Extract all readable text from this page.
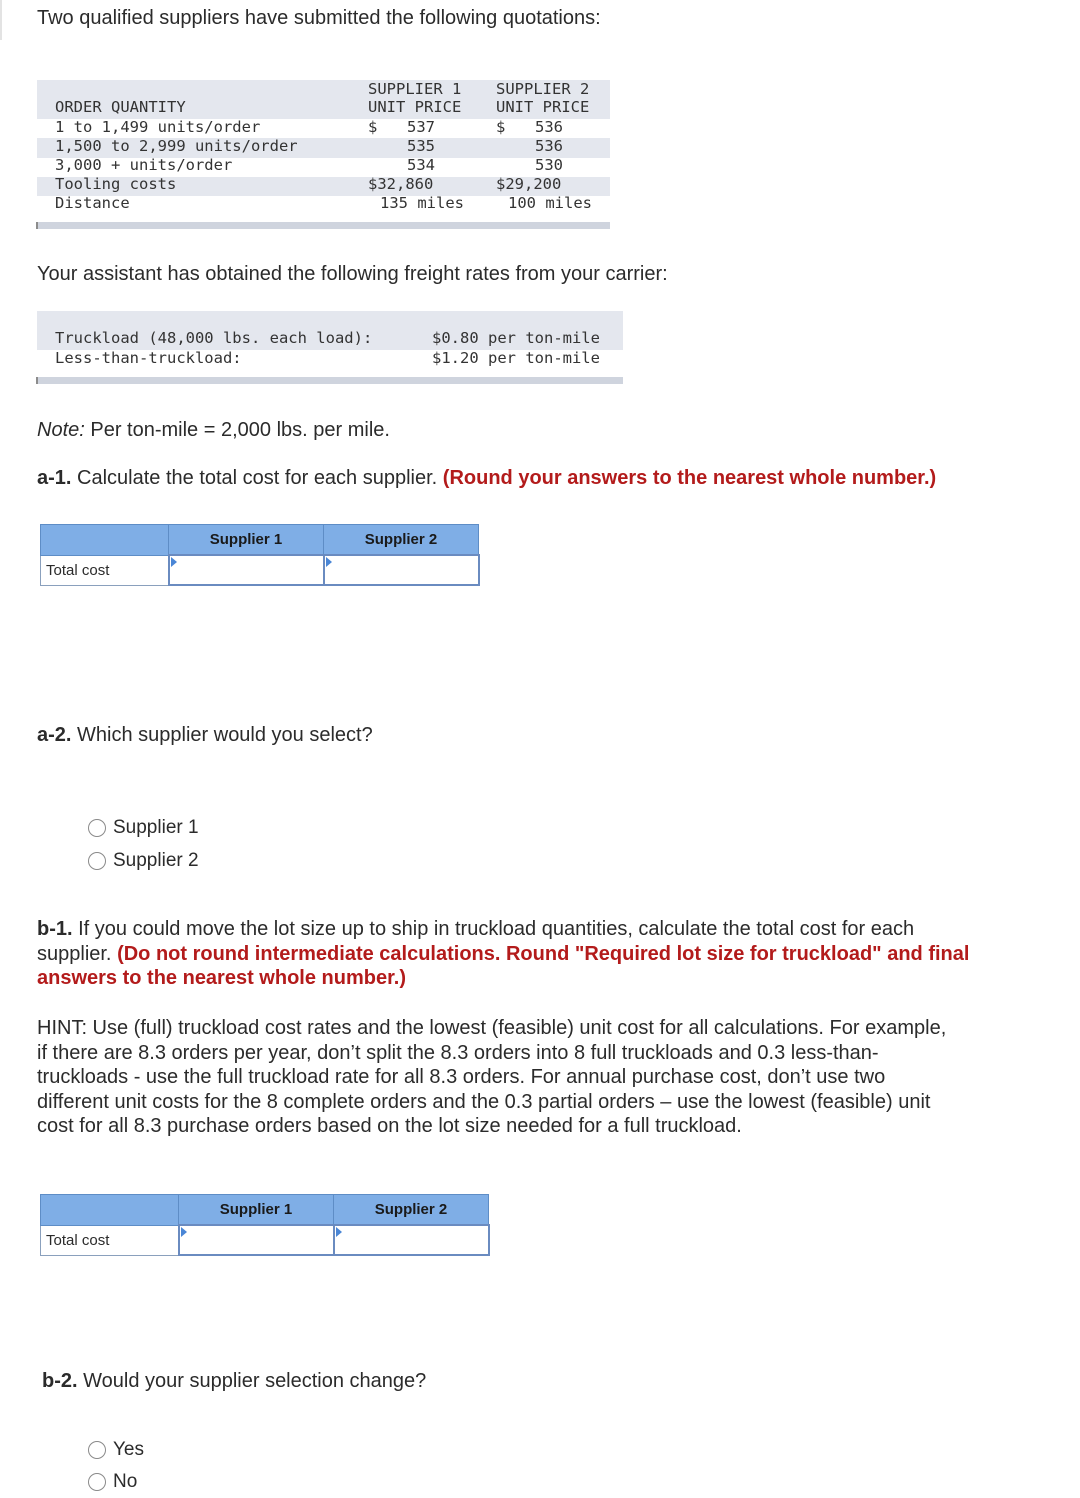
Two qualified suppliers have submitted the following quotations:
SUPPLIER 1 SUPPLIER 2
ORDER QUANTITY	UNIT PRICE UNIT PRICE
1 to 1,499 units/order	$ 537	$ 536
1,500 to 2,999 units/order	535	536
3,000 + units/order	534	530
Tooling costs	$32,860	$29,200
Distance	135 miles	100 miles
Your assistant has obtained the following freight rates from your carrier:
Truckload (48,000 lbs. each load):	$0.80 per ton-mile
Less-than-truckload:	$1.20 per ton-mile
Note: Per ton-mile = 2,000 lbs. per mile.
a-1. Calculate the total cost for each supplier. (Round your answers to the nearest whole number.)
	Supplier 1	Supplier 2
Total cost	

a-2. Which supplier would you select?
Supplier 1
Supplier 2
b-1. If you could move the lot size up to ship in truckload quantities, calculate the total cost for each
supplier. (Do not round intermediate calculations. Round "Required lot size for truckload" and final
answers to the nearest whole number.)
HINT: Use (full) truckload cost rates and the lowest (feasible) unit cost for all calculations. For example,
if there are 8.3 orders per year, don’t split the 8.3 orders into 8 full truckloads and 0.3 less-than-
truckloads - use the full truckload rate for all 8.3 orders. For annual purchase cost, don’t use two
different unit costs for the 8 complete orders and the 0.3 partial orders – use the lowest (feasible) unit
cost for all 8.3 purchase orders based on the lot size needed for a full truckload.
	Supplier 1	Supplier 2
Total cost	

b-2. Would your supplier selection change?
Yes
No
